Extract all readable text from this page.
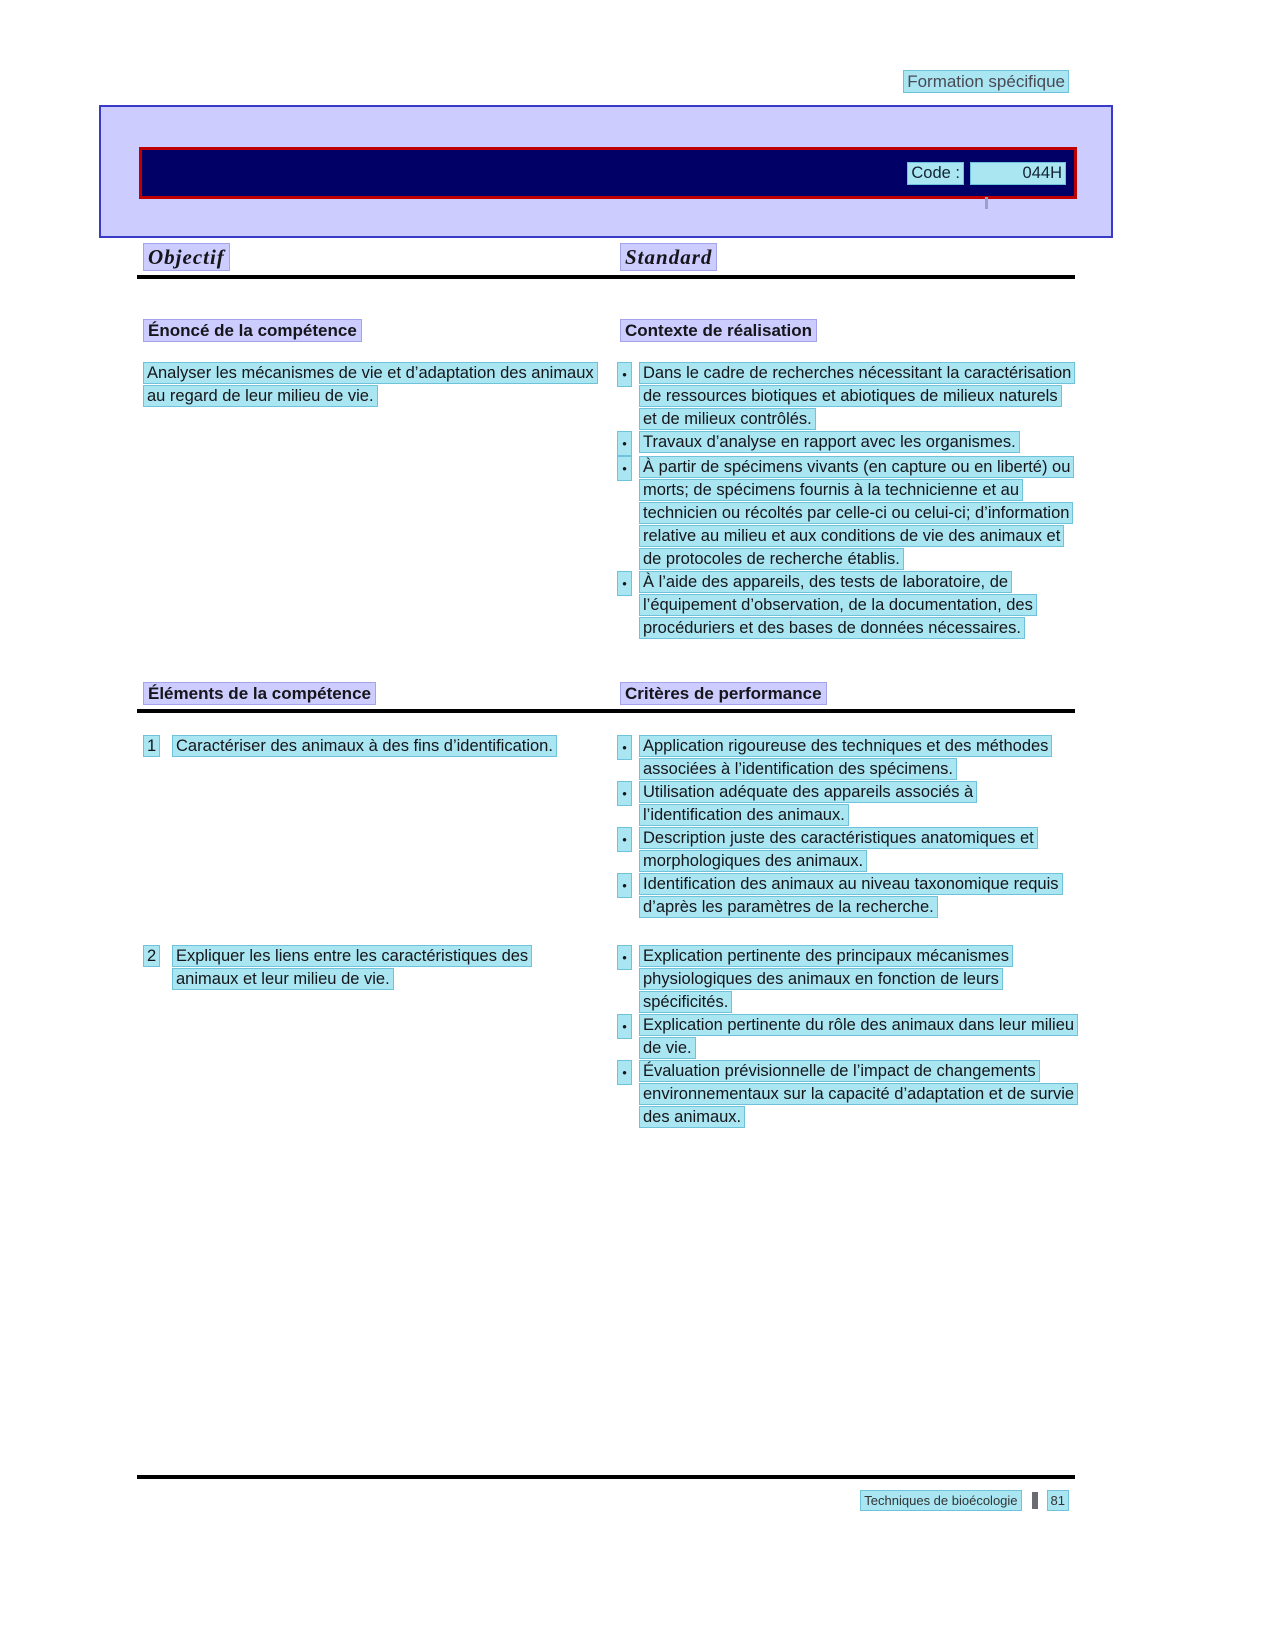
Formation spécifique
Code :	044H
Objectif	Standard
Énoncé de la compétence	Contexte de réalisation
Analyser les mécanismes de vie et d’adaptation des animaux au regard de leur milieu de vie.
• Dans le cadre de recherches nécessitant la caractérisation de ressources biotiques et abiotiques de milieux naturels et de milieux contrôlés.
• Travaux d’analyse en rapport avec les organismes.
• À partir de spécimens vivants (en capture ou en liberté) ou morts; de spécimens fournis à la technicienne et au technicien ou récoltés par celle-ci ou celui-ci; d’information relative au milieu et aux conditions de vie des animaux et de protocoles de recherche établis.
• À l’aide des appareils, des tests de laboratoire, de l’équipement d’observation, de la documentation, des procéduriers et des bases de données nécessaires.
Éléments de la compétence	Critères de performance
1	Caractériser des animaux à des fins d’identification.	• Application rigoureuse des techniques et des méthodes associées à l’identification des spécimens.
• Utilisation adéquate des appareils associés à l’identification des animaux.
• Description juste des caractéristiques anatomiques et morphologiques des animaux.
• Identification des animaux au niveau taxonomique requis d’après les paramètres de la recherche.
2	Expliquer les liens entre les caractéristiques des animaux et leur milieu de vie.
• Explication pertinente des principaux mécanismes physiologiques des animaux en fonction de leurs spécificités.
• Explication pertinente du rôle des animaux dans leur milieu de vie.
• Évaluation prévisionnelle de l’impact de changements environnementaux sur la capacité d’adaptation et de survie des animaux.
Techniques de bioécologie	81
